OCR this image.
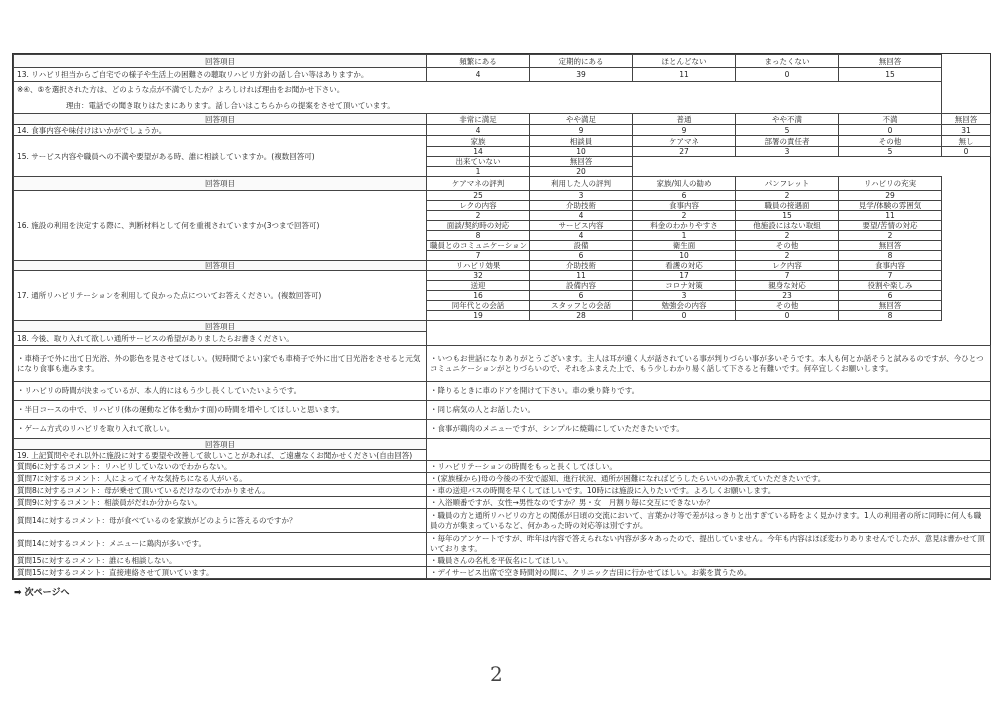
回答項目	頻繁にある	定期的にある	ほとんどない	まったくない	無回答	
13. リハビリ担当からご自宅での様子や生活上の困難さの聴取リハビリ方針の話し合い等はありますか。	4	39	11	0	15	
※④、⑤を選択された方は、どのような点が不満でしたか？よろしければ理由をお聞かせ下さい。						
理由：電話での聞き取りはたまにあります。話し合いはこちらからの提案をさせて頂いています。						
回答項目	非常に満足	やや満足	普通	やや不満	不満	無回答
14. 食事内容や味付けはいかがでしょうか。	4	9	9	5	0	31
15. サービス内容や職員への不満や要望がある時、誰に相談していますか。(複数回答可)	家族	相談員	ケアマネ	部署の責任者	その他	無し
	14	10	27	3	5	0
	出来ていない	無回答				
	1	20				
回答項目	ケアマネの評判	利用した人の評判	家族/知人の勧め	パンフレット	リハビリの充実	
16. 施設の利用を決定する際に、判断材料として何を重視されていますか(3つまで回答可)	25	3	6	2	29	
	レクの内容	介助技術	食事内容	職員の接遇面	見学/体験の雰囲気	
	2	4	2	15	11	
	面談/契約時の対応	サービス内容	料金のわかりやすさ	他施設にはない取組	要望/苦情の対応	
	8	4	1	2	2	
	職員とのコミュニケーション	設備	衛生面	その他	無回答	
	7	6	10	2	8	
回答項目	リハビリ効果	介助技術	看護の対応	レク内容	食事内容	
17. 通所リハビリテーションを利用して良かった点についてお答えください。(複数回答可)	32	11	17	7	7	
	送迎	設備内容	コロナ対策	親身な対応	役割や楽しみ	
	16	6	3	23	6	
	同年代との会話	スタッフとの会話	勉強会の内容	その他	無回答	
	19	28	0	0	8	
回答項目						
18. 今後、取り入れて欲しい通所サービスの希望がありましたらお書きください。						
・車椅子で外に出て日光浴、外の影色を見させてほしい。(短時間でよい)家でも車椅子で外に出て日光浴をさせると元気になり食事も進みます。	・いつもお世話になりありがとうございます。主人は耳が遠く人が話されている事が判りづらい事が多いそうです。本人も何とか話そうと試みるのですが、今ひとつコミュニケーションがとりづらいので、それをふまえた上で、もう少しわかり易く話して下さると有難いです。何卒宜しくお願いします。					
・リハビリの時間が決まっているが、本人的にはもう少し長くしていたいようです。	・降りるときに車のドアを開けて下さい。車の乗り降りです。					
・半日コースの中で、リハビリ(体の運動など体を動かす面)の時間を増やしてほしいと思います。	・同じ病気の人とお話したい。					
・ゲーム方式のリハビリを取り入れて欲しい。	・食事が鶏肉のメニューですが、シンプルに焼鶏にしていただきたいです。					
回答項目						
19. 上記質問やそれ以外に施設に対する要望や改善して欲しいことがあれば、ご遠慮なくお聞かせください(自由回答)						
質問6に対するコメント：リハビリしていないのでわからない。	・リハビリテーションの時間をもっと長くしてほしい。					
質問7に対するコメント：人によってイヤな気持ちになる人がいる。	・(家族様から)母の今後の不安で認知、進行状況、通所が困難になればどうしたらいいのか教えていただきたいです。					
質問8に対するコメント：母が乗せて頂いているだけなのでわかりません。	・車の送迎バスの時間を早くしてほしいです。10時には施設に入りたいです。よろしくお願いします。					
質問9に対するコメント：相談員がだれか分からない。	・入浴順番ですが、女性→男性なのですか？男・女　月割り毎に交互にできないか？					
質問14に対するコメント：母が食べているのを家族がどのように答えるのですか？	・職員の方と通所リハビリの方との関係が日頃の交流において、言葉かけ等で差がはっきりと出すぎている時をよく見かけます。1人の利用者の所に同時に何人も職員の方が集まっているなど、何かあった時の対応等は別ですが。					
質問14に対するコメント：メニューに鶏肉が多いです。	・毎年のアンケートですが、昨年は内容で答えられない内容が多々あったので、提出していません。今年も内容はほぼ変わりありませんでしたが、意見は書かせて頂いております。					
質問15に対するコメント：誰にも相談しない。	・職員さんの名札を平仮名にしてほしい。					
質問15に対するコメント：直接連絡させて頂いています。	・デイサービス出席で空き時間対の間に、クリニック吉田に行かせてほしい。お薬を貰うため。					
➡ 次ページへ
2
